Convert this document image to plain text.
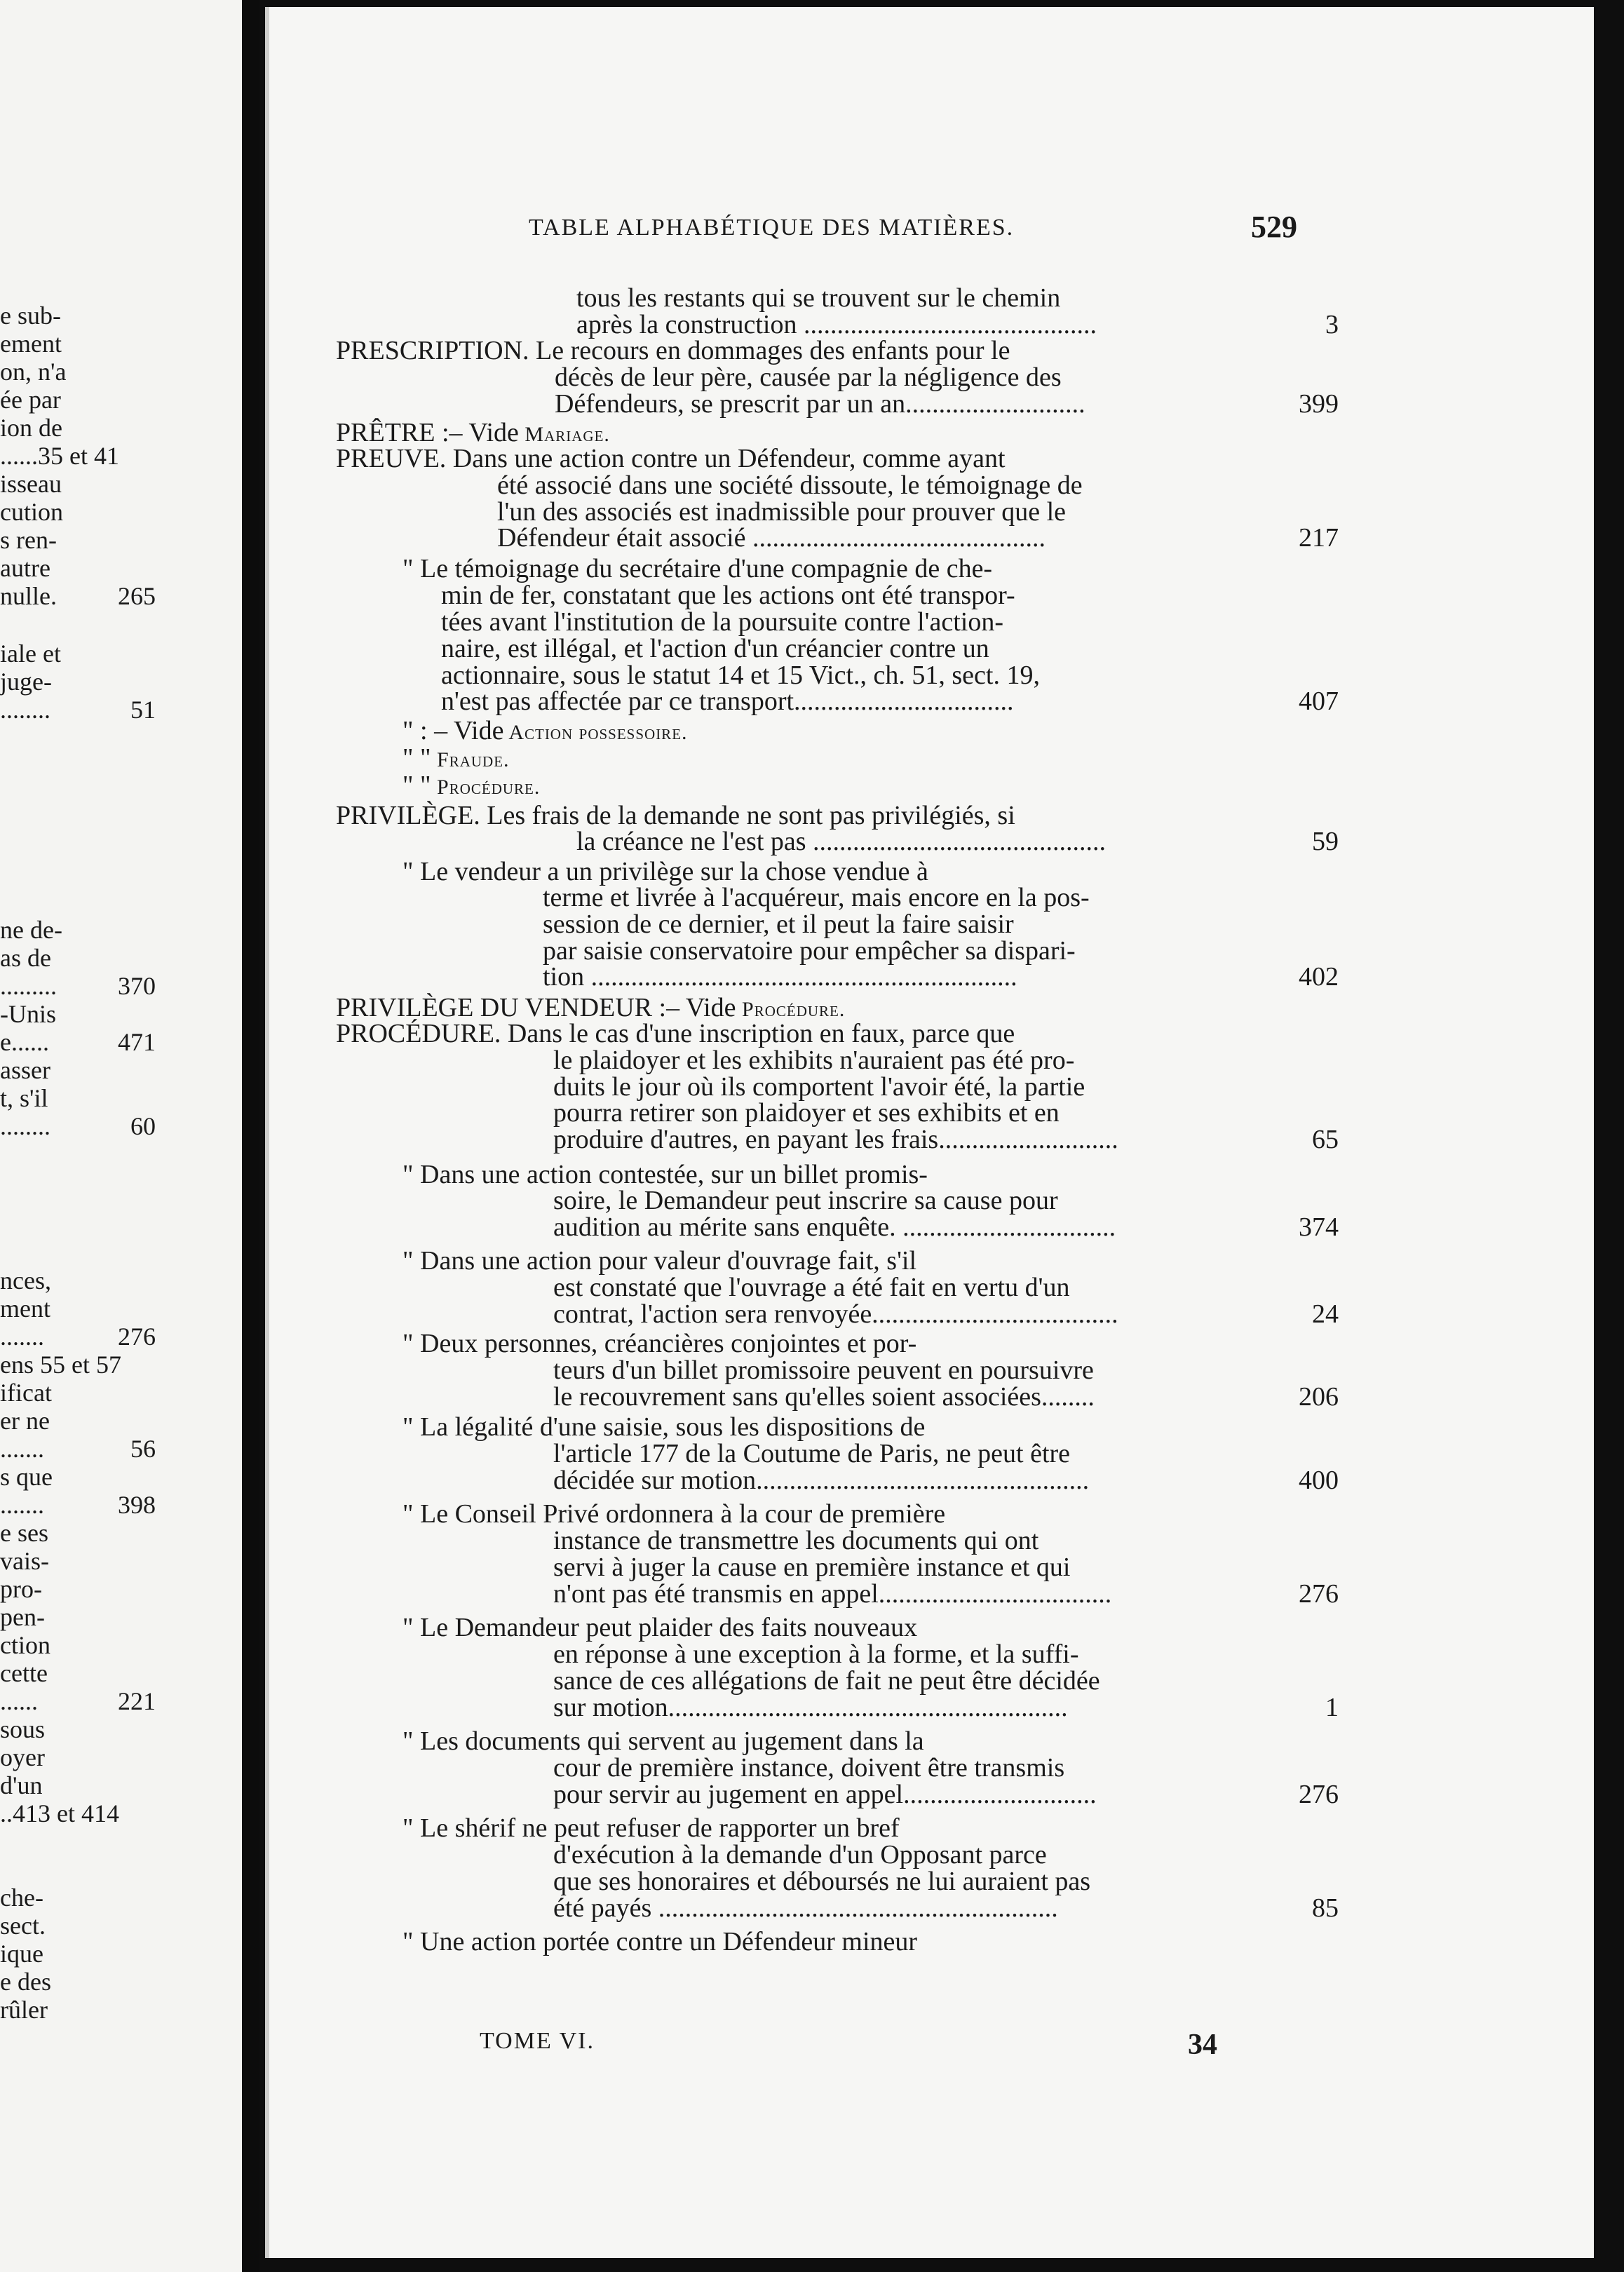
e sub-
ement
on, n'a
ée par
ion de
......35 et 41
isseau
cution
s ren-
autre
nulle. 265
iale et
juge-
........	51
ne de-
as de
......... 370
-Unis
e......	471
asser
t, s'il
........	60
nces,
ment
.......	276
ens 55 et 57
ificat
er ne
.......	56
s que
.......	398
e ses
vais-
pro-
pen-
ction
cette
......	221
sous
oyer
d'un
..413 et 414
che-
sect.
ique
e des
rûler
TABLE ALPHABÉTIQUE DES MATIÈRES.	529
tous les restants qui se trouvent sur le chemin
après la construction ............................................	3
PRESCRIPTION. Le recours en dommages des enfants pour le
décès de leur père, causée par la négligence des
Défendeurs, se prescrit par un an...........................	399
PRÊTRE :– Vide Mariage.
PREUVE. Dans une action contre un Défendeur, comme ayant
été associé dans une société dissoute, le témoignage de
l'un des associés est inadmissible pour prouver que le
Défendeur était associé ............................................	217
" Le témoignage du secrétaire d'une compagnie de che-
min de fer, constatant que les actions ont été transpor-
tées avant l'institution de la poursuite contre l'action-
naire, est illégal, et l'action d'un créancier contre un
actionnaire, sous le statut 14 et 15 Vict., ch. 51, sect. 19,
n'est pas affectée par ce transport.................................	407
" : – Vide Action possessoire.
" " Fraude.
" " Procédure.
PRIVILÈGE. Les frais de la demande ne sont pas privilégiés, si
la créance ne l'est pas ............................................	59
" Le vendeur a un privilège sur la chose vendue à
terme et livrée à l'acquéreur, mais encore en la pos-
session de ce dernier, et il peut la faire saisir
par saisie conservatoire pour empêcher sa dispari-
tion ................................................................	402
PRIVILÈGE DU VENDEUR :– Vide Procédure.
PROCÉDURE. Dans le cas d'une inscription en faux, parce que
le plaidoyer et les exhibits n'auraient pas été pro-
duits le jour où ils comportent l'avoir été, la partie
pourra retirer son plaidoyer et ses exhibits et en
produire d'autres, en payant les frais...........................	65
" Dans une action contestée, sur un billet promis-
soire, le Demandeur peut inscrire sa cause pour
audition au mérite sans enquête. ................................	374
" Dans une action pour valeur d'ouvrage fait, s'il
est constaté que l'ouvrage a été fait en vertu d'un
contrat, l'action sera renvoyée.....................................	24
" Deux personnes, créancières conjointes et por-
teurs d'un billet promissoire peuvent en poursuivre
le recouvrement sans qu'elles soient associées........	206
" La légalité d'une saisie, sous les dispositions de
l'article 177 de la Coutume de Paris, ne peut être
décidée sur motion..................................................	400
" Le Conseil Privé ordonnera à la cour de première
instance de transmettre les documents qui ont
servi à juger la cause en première instance et qui
n'ont pas été transmis en appel...................................	276
" Le Demandeur peut plaider des faits nouveaux
en réponse à une exception à la forme, et la suffi-
sance de ces allégations de fait ne peut être décidée
sur motion............................................................	1
" Les documents qui servent au jugement dans la
cour de première instance, doivent être transmis
pour servir au jugement en appel.............................	276
" Le shérif ne peut refuser de rapporter un bref
d'exécution à la demande d'un Opposant parce
que ses honoraires et déboursés ne lui auraient pas
été payés ............................................................	85
" Une action portée contre un Défendeur mineur
TOME VI.	34
